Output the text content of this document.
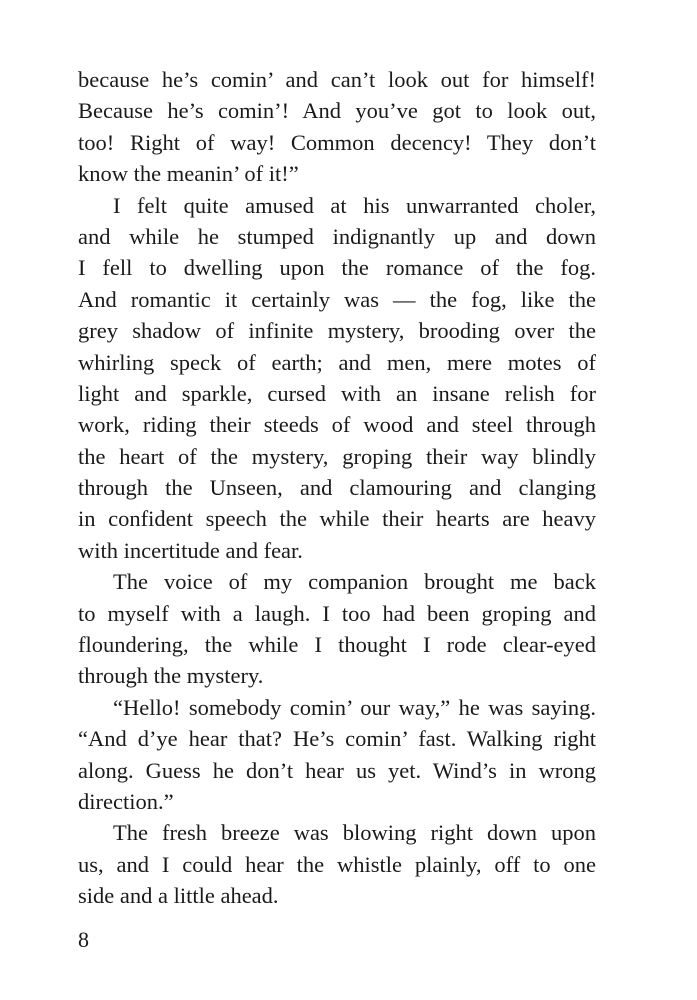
because he’s comin’ and can’t look out for himself!
Because he’s comin’! And you’ve got to look out,
too! Right of way! Common decency! They don’t
know the meanin’ of it!”
I felt quite amused at his unwarranted choler,
and while he stumped indignantly up and down
I fell to dwelling upon the romance of the fog.
And romantic it certainly was — the fog, like the
grey shadow of infinite mystery, brooding over the
whirling speck of earth; and men, mere motes of
light and sparkle, cursed with an insane relish for
work, riding their steeds of wood and steel through
the heart of the mystery, groping their way blindly
through the Unseen, and clamouring and clanging
in confident speech the while their hearts are heavy
with incertitude and fear.
The voice of my companion brought me back
to myself with a laugh. I too had been groping and
floundering, the while I thought I rode clear-eyed
through the mystery.
“Hello! somebody comin’ our way,” he was saying.
“And d’ye hear that? He’s comin’ fast. Walking right
along. Guess he don’t hear us yet. Wind’s in wrong
direction.”
The fresh breeze was blowing right down upon
us, and I could hear the whistle plainly, off to one
side and a little ahead.
8
